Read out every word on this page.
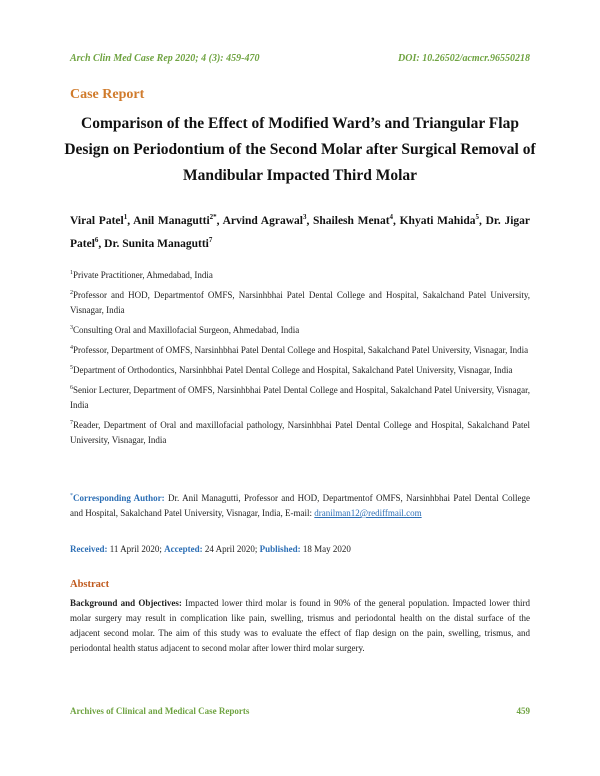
Arch Clin Med Case Rep 2020; 4 (3): 459-470	DOI: 10.26502/acmcr.96550218
Case Report
Comparison of the Effect of Modified Ward’s and Triangular Flap Design on Periodontium of the Second Molar after Surgical Removal of Mandibular Impacted Third Molar
Viral Patel$^1$, Anil Managutti$^{2*}$, Arvind Agrawal$^3$, Shailesh Menat$^4$, Khyati Mahida$^5$, Dr. Jigar Patel$^6$, Dr. Sunita Managutti$^7$

$^1$Private Practitioner, Ahmedabad, India

$^2$Professor and HOD, Departmentof OMFS, Narsinhbhai Patel Dental College and Hospital, Sakalchand Patel University, Visnagar, India

$^3$Consulting Oral and Maxillofacial Surgeon, Ahmedabad, India

$^4$Professor, Department of OMFS, Narsinhbhai Patel Dental College and Hospital, Sakalchand Patel University, Visnagar, India

$^5$Department of Orthodontics, Narsinhbhai Patel Dental College and Hospital, Sakalchand Patel University, Visnagar, India

$^6$Senior Lecturer, Department of OMFS, Narsinhbhai Patel Dental College and Hospital, Sakalchand Patel University, Visnagar, India

$^7$Reader, Department of Oral and maxillofacial pathology, Narsinhbhai Patel Dental College and Hospital, Sakalchand Patel University, Visnagar, India

*Corresponding Author: Dr. Anil Managutti, Professor and HOD, Departmentof OMFS, Narsinhbhai Patel Dental College and Hospital, Sakalchand Patel University, Visnagar, India, E-mail: dranilman12@rediffmail.com
Received: 11 April 2020; Accepted: 24 April 2020; Published: 18 May 2020
Abstract
Background and Objectives: Impacted lower third molar is found in 90% of the general population. Impacted lower third molar surgery may result in complication like pain, swelling, trismus and periodontal health on the distal surface of the adjacent second molar. The aim of this study was to evaluate the effect of flap design on the pain, swelling, trismus, and periodontal health status adjacent to second molar after lower third molar surgery.
Archives of Clinical and Medical Case Reports	459
